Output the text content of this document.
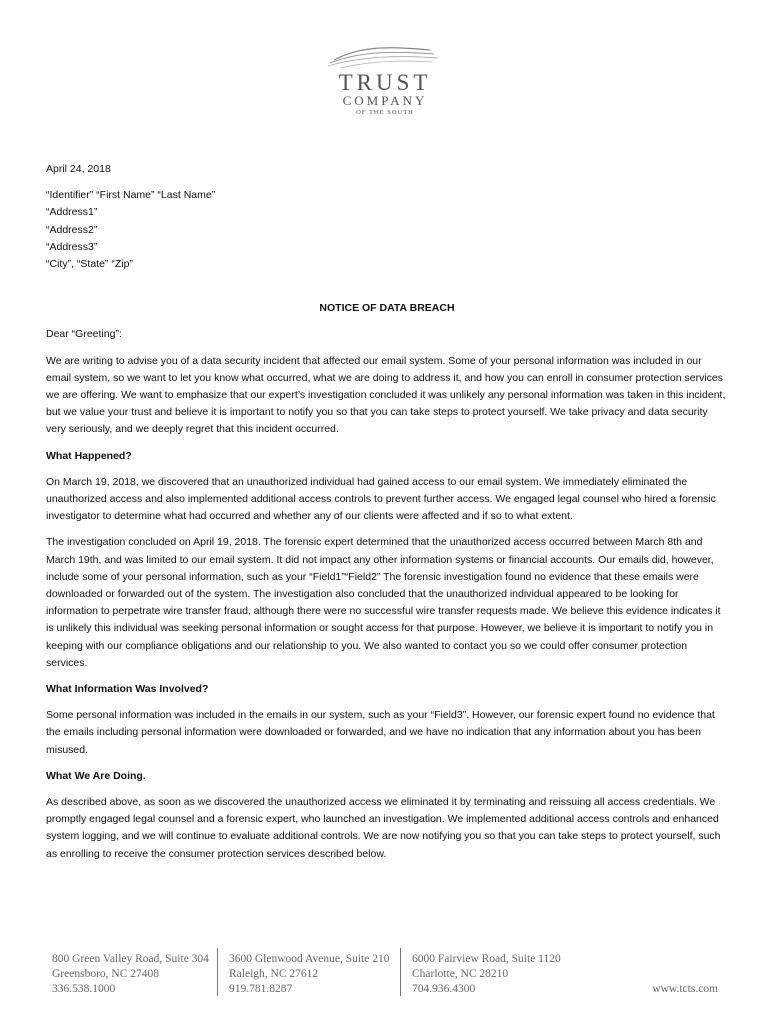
TRUST
COMPANY
OF THE SOUTH

April 24, 2018

“Identifier” “First Name” “Last Name”
“Address1”
“Address2”
“Address3”
“City”, “State” “Zip”

NOTICE OF DATA BREACH

Dear “Greeting”:

We are writing to advise you of a data security incident that affected our email system. Some of your personal information was included in our email system, so we want to let you know what occurred, what we are doing to address it, and how you can enroll in consumer protection services we are offering. We want to emphasize that our expert’s investigation concluded it was unlikely any personal information was taken in this incident, but we value your trust and believe it is important to notify you so that you can take steps to protect yourself. We take privacy and data security very seriously, and we deeply regret that this incident occurred.

What Happened?

On March 19, 2018, we discovered that an unauthorized individual had gained access to our email system. We immediately eliminated the unauthorized access and also implemented additional access controls to prevent further access. We engaged legal counsel who hired a forensic investigator to determine what had occurred and whether any of our clients were affected and if so to what extent.

The investigation concluded on April 19, 2018. The forensic expert determined that the unauthorized access occurred between March 8th and March 19th, and was limited to our email system. It did not impact any other information systems or financial accounts. Our emails did, however, include some of your personal information, such as your “Field1”“Field2” The forensic investigation found no evidence that these emails were downloaded or forwarded out of the system. The investigation also concluded that the unauthorized individual appeared to be looking for information to perpetrate wire transfer fraud, although there were no successful wire transfer requests made. We believe this evidence indicates it is unlikely this individual was seeking personal information or sought access for that purpose. However, we believe it is important to notify you in keeping with our compliance obligations and our relationship to you. We also wanted to contact you so we could offer consumer protection services.

What Information Was Involved?

Some personal information was included in the emails in our system, such as your “Field3”. However, our forensic expert found no evidence that the emails including personal information were downloaded or forwarded, and we have no indication that any information about you has been misused.

What We Are Doing.

As described above, as soon as we discovered the unauthorized access we eliminated it by terminating and reissuing all access credentials. We promptly engaged legal counsel and a forensic expert, who launched an investigation. We implemented additional access controls and enhanced system logging, and we will continue to evaluate additional controls. We are now notifying you so that you can take steps to protect yourself, such as enrolling to receive the consumer protection services described below.

800 Green Valley Road, Suite 304
Greensboro, NC 27408
336.538.1000
3600 Glenwood Avenue, Suite 210
Raleigh, NC 27612
919.781.8287
6000 Fairview Road, Suite 1120
Charlotte, NC 28210
704.936.4300	www.tcts.com
